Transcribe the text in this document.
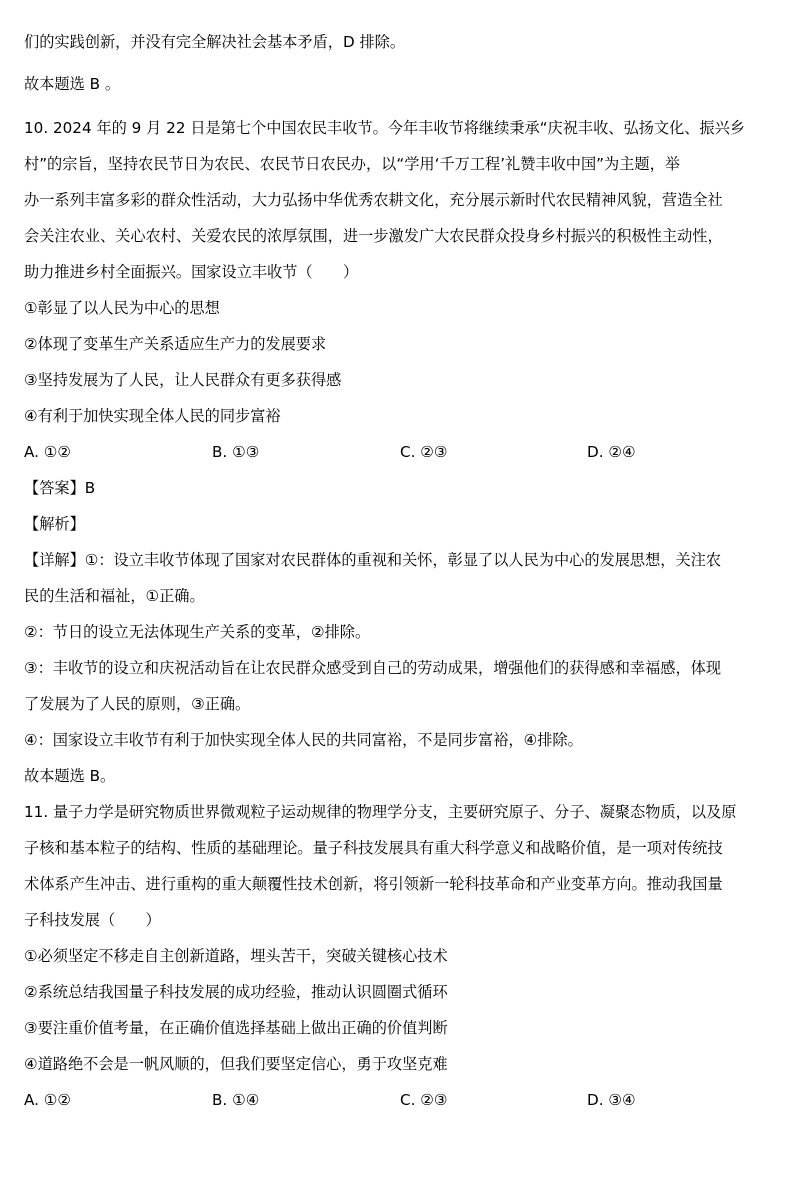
们的实践创新，并没有完全解决社会基本矛盾，D 排除。
故本题选 B 。
10. 2024 年的 9 月 22 日是第七个中国农民丰收节。今年丰收节将继续秉承“庆祝丰收、弘扬文化、振兴乡
村”的宗旨，坚持农民节日为农民、农民节日农民办，以“学用‘千万工程’礼赞丰收中国”为主题，举
办一系列丰富多彩的群众性活动，大力弘扬中华优秀农耕文化，充分展示新时代农民精神风貌，营造全社
会关注农业、关心农村、关爱农民的浓厚氛围，进一步激发广大农民群众投身乡村振兴的积极性主动性，
助力推进乡村全面振兴。国家设立丰收节（　　）
①彰显了以人民为中心的思想
②体现了变革生产关系适应生产力的发展要求
③坚持发展为了人民，让人民群众有更多获得感
④有利于加快实现全体人民的同步富裕
A. ①②	B. ①③	C. ②③	D. ②④
【答案】B
【解析】
【详解】①：设立丰收节体现了国家对农民群体的重视和关怀，彰显了以人民为中心的发展思想，关注农
民的生活和福祉，①正确。
②：节日的设立无法体现生产关系的变革，②排除。
③：丰收节的设立和庆祝活动旨在让农民群众感受到自己的劳动成果，增强他们的获得感和幸福感，体现
了发展为了人民的原则，③正确。
④：国家设立丰收节有利于加快实现全体人民的共同富裕，不是同步富裕，④排除。
故本题选 B。
11. 量子力学是研究物质世界微观粒子运动规律的物理学分支，主要研究原子、分子、凝聚态物质，以及原
子核和基本粒子的结构、性质的基础理论。量子科技发展具有重大科学意义和战略价值，是一项对传统技
术体系产生冲击、进行重构的重大颠覆性技术创新，将引领新一轮科技革命和产业变革方向。推动我国量
子科技发展（　　）
①必须坚定不移走自主创新道路，埋头苦干，突破关键核心技术
②系统总结我国量子科技发展的成功经验，推动认识圆圈式循环
③要注重价值考量，在正确价值选择基础上做出正确的价值判断
④道路绝不会是一帆风顺的，但我们要坚定信心，勇于攻坚克难
A. ①②	B. ①④	C. ②③	D. ③④
